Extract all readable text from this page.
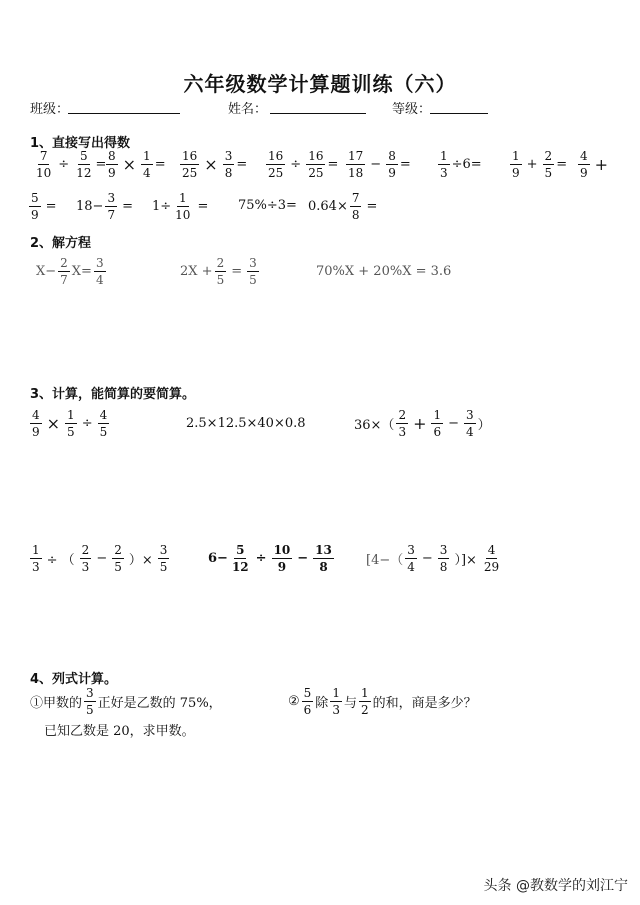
六年级数学计算题训练（六）
班级：	姓名：	等级：
1、直接写出得数
$\frac{7}{10} \div \frac{5}{12} = \frac{8}{9} \times \frac{1}{4} = \frac{16}{25} \times \frac{3}{8} = \frac{16}{25} \div \frac{16}{25} = \frac{17}{18} - \frac{8}{9} = \frac{1}{3} \div 6= \frac{1}{9} + \frac{2}{5} = \frac{4}{9}$ +
$\frac{5}{9} = 18- \frac{3}{7} = 1\div \frac{1}{10} = 75\%\div 3= 0.64\times \frac{7}{8}$ =
2、解方程
$X- \frac{2}{7} X= \frac{3}{4}$	$2X + \frac{2}{5} = \frac{3}{5}$	70%X + 20%X = 3.6
3、计算，能简算的要简算。
$\frac{4}{9} \times \frac{1}{5} \div \frac{4}{5}$	2.5×12.5×40×0.8	$36\times( \frac{2}{3} + \frac{1}{6} - \frac{3}{4}$ ）
$\frac{1}{3}$ ÷ （ $\frac{2}{3} - \frac{2}{5}$ ）× $\frac{3}{5}$	$6- \frac{5}{12} \div \frac{10}{9} - \frac{13}{8} [4-( \frac{3}{4} - \frac{3}{8}$ ）]× $\frac{4}{29}$
4、列式计算。
①甲数的 $\frac{3}{5}$ 正好是乙数的 75%，
已知乙数是 20，求甲数。
② $\frac{5}{6}$ 除 $\frac{1}{3}$ 与 $\frac{1}{2}$ 的和，商是多少？
头条 @教数学的刘江宁
